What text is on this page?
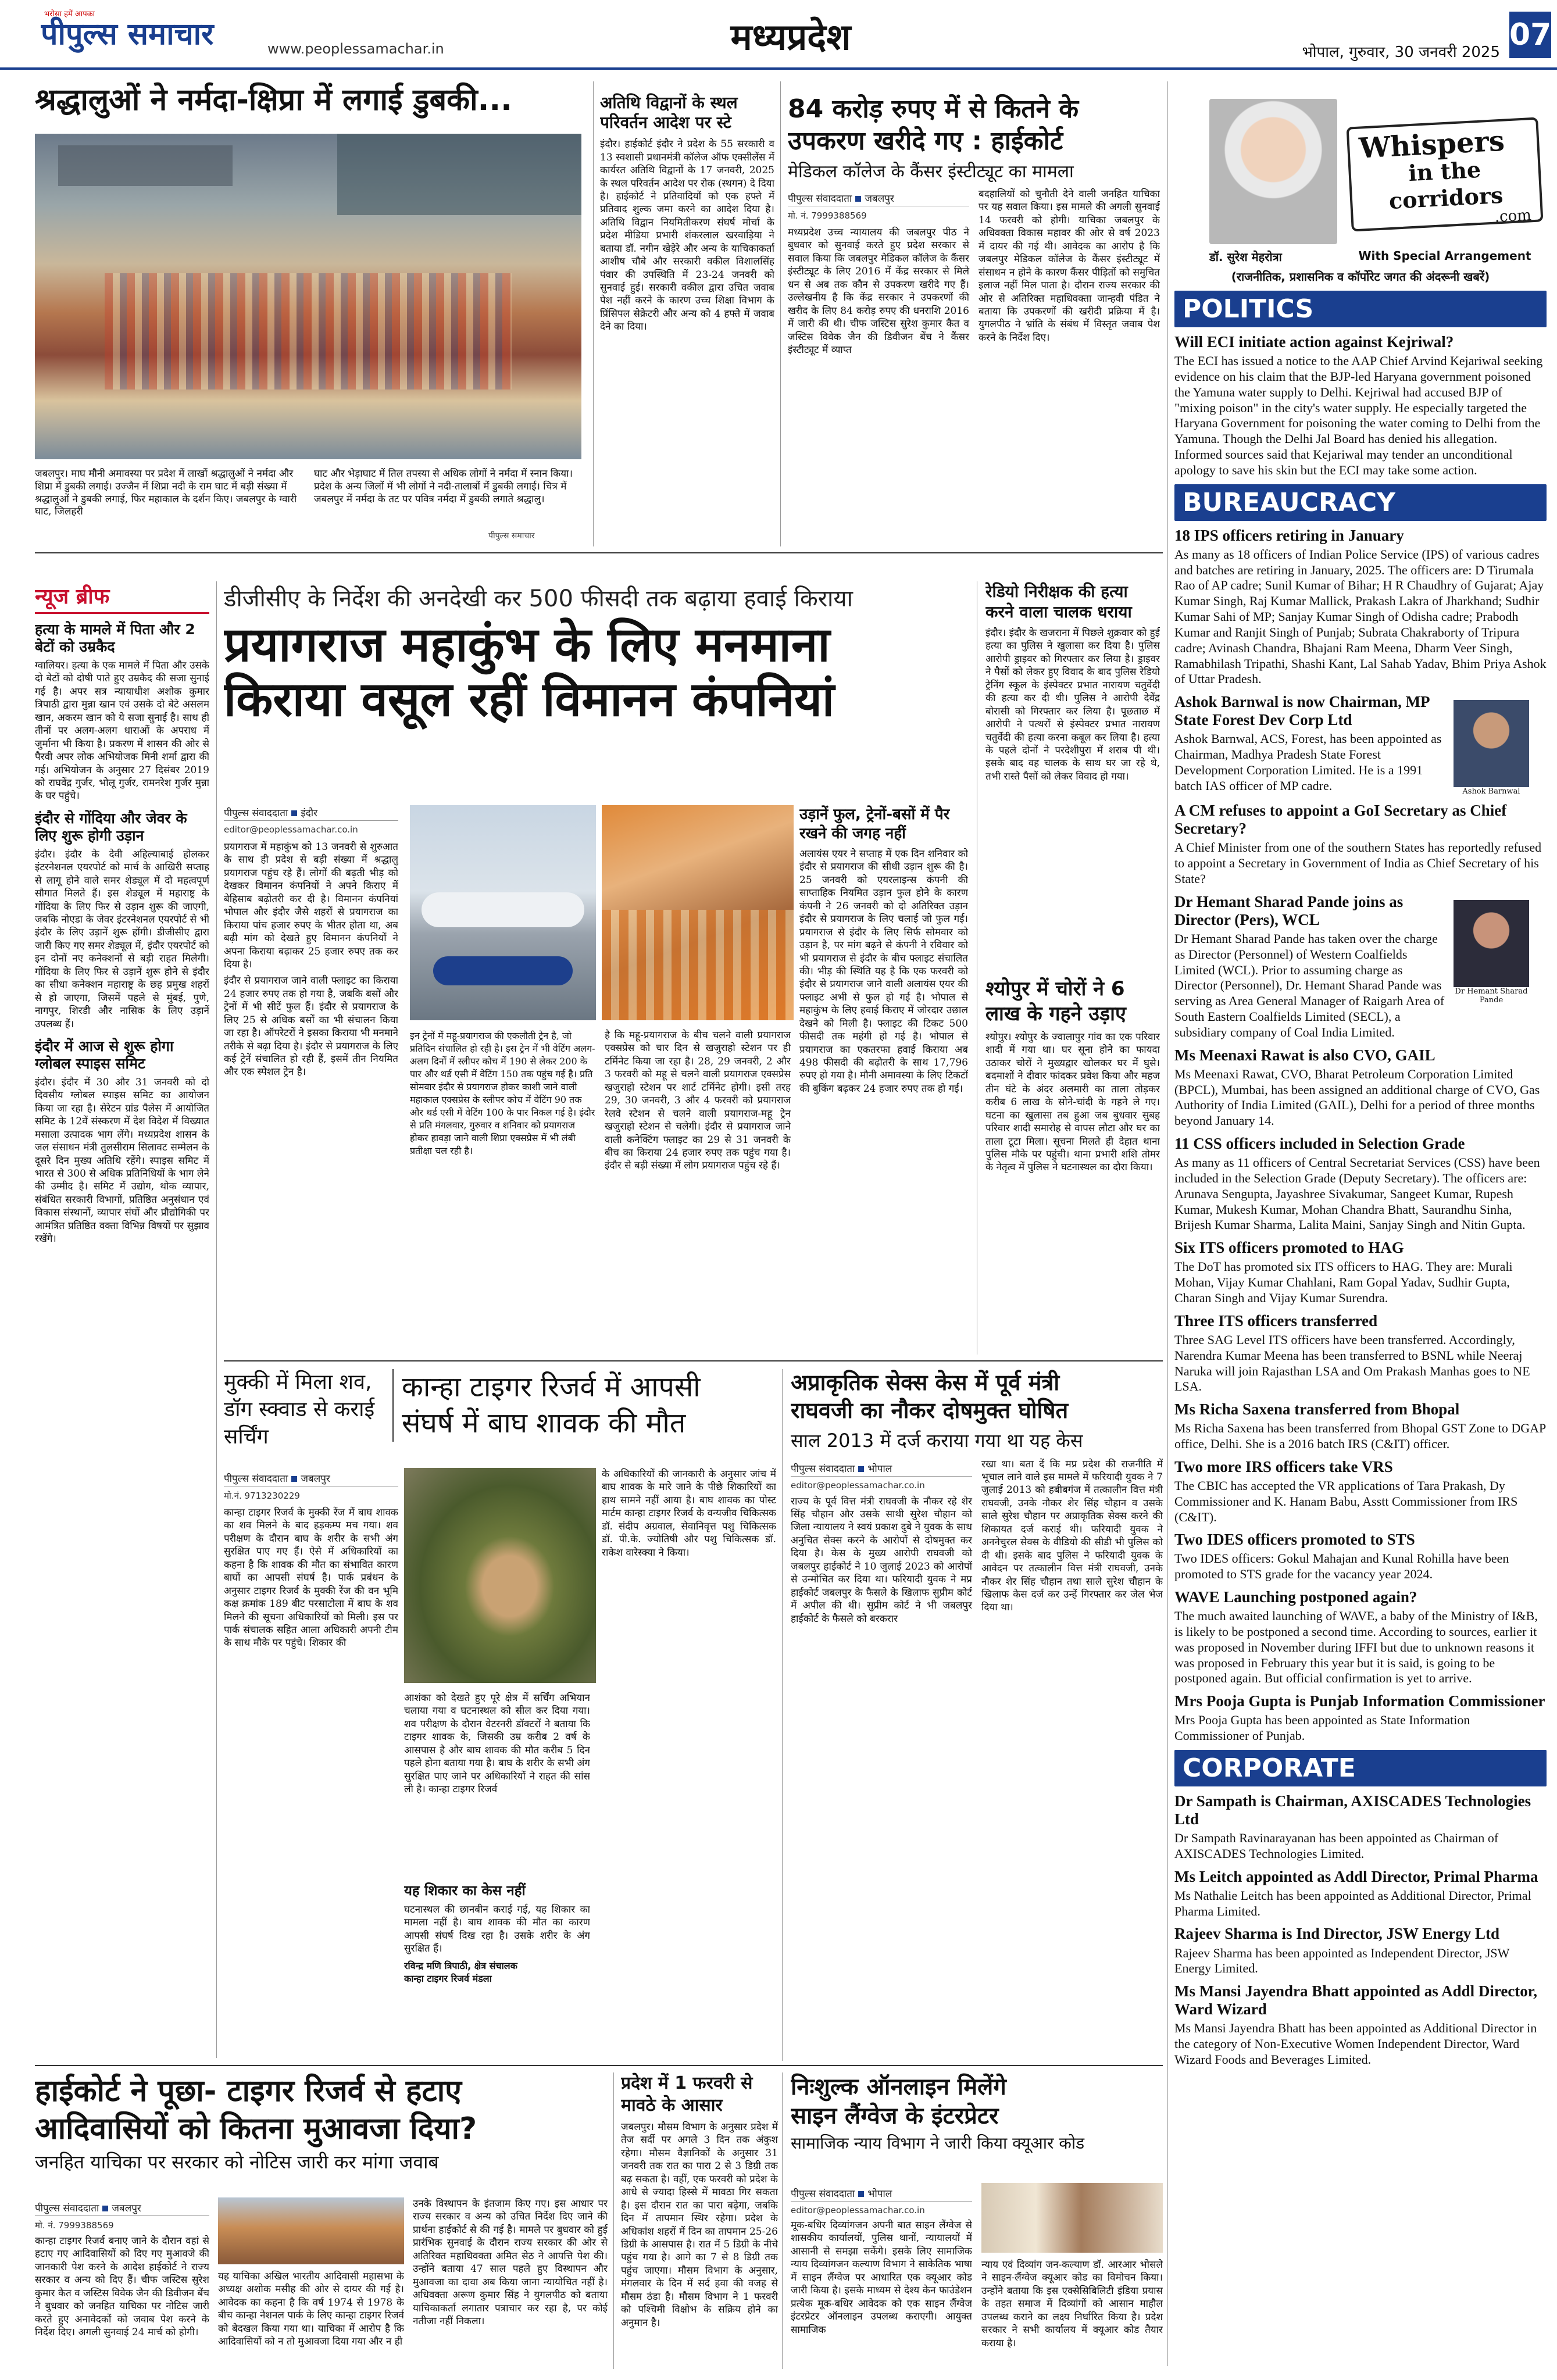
भरोसा हमें आपका
पीपुल्स समाचार	www.peoplessamachar.in	मध्यप्रदेश	भोपाल, गुरुवार, 30 जनवरी 2025 07
श्रद्धालुओं ने नर्मदा-क्षिप्रा में लगाई डुबकी...
जबलपुर। माघ मौनी अमावस्या पर प्रदेश में लाखों श्रद्धालुओं ने नर्मदा और शिप्रा में डुबकी लगाई। उज्जैन में शिप्रा नदी के राम घाट में बड़ी संख्या में श्रद्धालुओं ने डुबकी लगाई, फिर महाकाल के दर्शन किए। जबलपुर के ग्वारी घाट, जिलहरी
घाट और भेड़ाघाट में तिल तपस्या से अधिक लोगों ने नर्मदा में स्नान किया। प्रदेश के अन्य जिलों में भी लोगों ने नदी-तालाबों में डुबकी लगाई। चित्र में जबलपुर में नर्मदा के तट पर पवित्र नर्मदा में डुबकी लगाते श्रद्धालु।
पीपुल्स समाचार
अतिथि विद्वानों के स्थल परिवर्तन आदेश पर स्टे
इंदौर। हाईकोर्ट इंदौर ने प्रदेश के 55 सरकारी व 13 स्वशासी प्रधानमंत्री कॉलेज ऑफ एक्सीलेंस में कार्यरत अतिथि विद्वानों के 17 जनवरी, 2025 के स्थल परिवर्तन आदेश पर रोक (स्थगन) दे दिया है। हाईकोर्ट ने प्रतिवादियों को एक हफ्ते में प्रतिवाद शुल्क जमा करने का आदेश दिया है। अतिथि विद्वान नियमितीकरण संघर्ष मोर्चा के प्रदेश मीडिया प्रभारी शंकरलाल खरवाड़िया ने बताया डॉ. नगीन खेड़ेरे और अन्य के याचिकाकर्ता आशीष चौबे और सरकारी वकील विशालसिंह पंवार की उपस्थिति में 23-24 जनवरी को सुनवाई हुई। सरकारी वकील द्वारा उचित जवाब पेश नहीं करने के कारण उच्च शिक्षा विभाग के प्रिंसिपल सेक्रेटरी और अन्य को 4 हफ्ते में जवाब देने का दिया।
84 करोड़ रुपए में से कितने के उपकरण खरीदे गए : हाईकोर्ट
मेडिकल कॉलेज के कैंसर इंस्टीट्यूट का मामला
पीपुल्स संवाददाता जबलपुर
मो. नं. 7999388569
मध्यप्रदेश उच्च न्यायालय की जबलपुर पीठ ने बुधवार को सुनवाई करते हुए प्रदेश सरकार से सवाल किया कि जबलपुर मेडिकल कॉलेज के कैंसर इंस्टीट्यूट के लिए 2016 में केंद्र सरकार से मिले धन से अब तक कौन से उपकरण खरीदे गए हैं। उल्लेखनीय है कि केंद्र सरकार ने उपकरणों की खरीद के लिए 84 करोड़ रुपए की धनराशि 2016 में जारी की थी। चीफ जस्टिस सुरेश कुमार कैत व जस्टिस विवेक जैन की डिवीजन बेंच ने कैंसर इंस्टीट्यूट में व्याप्त
बदहालियों को चुनौती देने वाली जनहित याचिका पर यह सवाल किया। इस मामले की अगली सुनवाई 14 फरवरी को होगी। याचिका जबलपुर के अधिवक्ता विकास महावर की ओर से वर्ष 2023 में दायर की गई थी। आवेदक का आरोप है कि जबलपुर मेडिकल कॉलेज के कैंसर इंस्टीट्यूट में संसाधन न होने के कारण कैंसर पीड़ितों को समुचित इलाज नहीं मिल पाता है। दौरान राज्य सरकार की ओर से अतिरिक्त महाधिवक्ता जान्हवी पंडित ने बताया कि उपकरणों की खरीदी प्रक्रिया में है। युगलपीठ ने भ्रांति के संबंध में विस्तृत जवाब पेश करने के निर्देश दिए।
Whispers
in the corridors
.com
डॉ. सुरेश मेहरोत्रा	With Special Arrangement
(राजनीतिक, प्रशासनिक व कॉर्पोरेट जगत की अंदरूनी खबरें)
POLITICS
Will ECI initiate action against Kejriwal?
The ECI has issued a notice to the AAP Chief Arvind Kejariwal seeking evidence on his claim that the BJP-led Haryana government poisoned the Yamuna water supply to Delhi. Kejriwal had accused BJP of "mixing poison" in the city's water supply. He especially targeted the Haryana Government for poisoning the water coming to Delhi from the Yamuna. Though the Delhi Jal Board has denied his allegation. Informed sources said that Kejariwal may tender an unconditional apology to save his skin but the ECI may take some action.
BUREAUCRACY
18 IPS officers retiring in January
As many as 18 officers of Indian Police Service (IPS) of various cadres and batches are retiring in January, 2025. The officers are: D Tirumala Rao of AP cadre; Sunil Kumar of Bihar; H R Chaudhry of Gujarat; Ajay Kumar Singh, Raj Kumar Mallick, Prakash Lakra of Jharkhand; Sudhir Kumar Sahi of MP; Sanjay Kumar Singh of Odisha cadre; Prabodh Kumar and Ranjit Singh of Punjab; Subrata Chakraborty of Tripura cadre; Avinash Chandra, Bhajani Ram Meena, Dharm Veer Singh, Ramabhilash Tripathi, Shashi Kant, Lal Sahab Yadav, Bhim Priya Ashok of Uttar Pradesh.
Ashok Barnwal is now Chairman, MP State Forest Dev Corp Ltd
Ashok Barnwal, ACS, Forest, has been appointed as Chairman, Madhya Pradesh State Forest Development Corporation Limited. He is a 1991 batch IAS officer of MP cadre.	Ashok Barnwal
A CM refuses to appoint a GoI Secretary as Chief Secretary?
A Chief Minister from one of the southern States has reportedly refused to appoint a Secretary in Government of India as Chief Secretary of his State?
Dr Hemant Sharad Pande joins as Director (Pers), WCL
Dr Hemant Sharad Pande has taken over the charge as Director (Personnel) of Western Coalfields Limited (WCL). Prior to assuming charge as Director (Personnel), Dr. Hemant Sharad Pande was serving as Area General Manager of Raigarh Area of South Eastern Coalfields Limited (SECL), a subsidiary company of Coal India Limited.
Dr Hemant Sharad Pande
Ms Meenaxi Rawat is also CVO, GAIL
Ms Meenaxi Rawat, CVO, Bharat Petroleum Corporation Limited (BPCL), Mumbai, has been assigned an additional charge of CVO, Gas Authority of India Limited (GAIL), Delhi for a period of three months beyond January 14.
11 CSS officers included in Selection Grade
As many as 11 officers of Central Secretariat Services (CSS) have been included in the Selection Grade (Deputy Secretary). The officers are: Arunava Sengupta, Jayashree Sivakumar, Sangeet Kumar, Rupesh Kumar, Mukesh Kumar, Mohan Chandra Bhatt, Saurandhu Sinha, Brijesh Kumar Sharma, Lalita Maini, Sanjay Singh and Nitin Gupta.
Six ITS officers promoted to HAG
The DoT has promoted six ITS officers to HAG. They are: Murali Mohan, Vijay Kumar Chahlani, Ram Gopal Yadav, Sudhir Gupta, Charan Singh and Vijay Kumar Surendra.
Three ITS officers transferred
Three SAG Level ITS officers have been transferred. Accordingly, Narendra Kumar Meena has been transferred to BSNL while Neeraj Naruka will join Rajasthan LSA and Om Prakash Manhas goes to NE LSA.
Ms Richa Saxena transferred from Bhopal
Ms Richa Saxena has been transferred from Bhopal GST Zone to DGAP office, Delhi. She is a 2016 batch IRS (C&IT) officer.
Two more IRS officers take VRS
The CBIC has accepted the VR applications of Tara Prakash, Dy Commissioner and K. Hanam Babu, Asstt Commissioner from IRS (C&IT).
Two IDES officers promoted to STS
Two IDES officers: Gokul Mahajan and Kunal Rohilla have been promoted to STS grade for the vacancy year 2024.
WAVE Launching postponed again?
The much awaited launching of WAVE, a baby of the Ministry of I&B, is likely to be postponed a second time. According to sources, earlier it was proposed in November during IFFI but due to unknown reasons it was proposed in February this year but it is said, is going to be postponed again. But official confirmation is yet to arrive.
Mrs Pooja Gupta is Punjab Information Commissioner
Mrs Pooja Gupta has been appointed as State Information Commissioner of Punjab.
CORPORATE
Dr Sampath is Chairman, AXISCADES Technologies Ltd
Dr Sampath Ravinarayanan has been appointed as Chairman of AXISCADES Technologies Limited.
Ms Leitch appointed as Addl Director, Primal Pharma
Ms Nathalie Leitch has been appointed as Additional Director, Primal Pharma Limited.
Rajeev Sharma is Ind Director, JSW Energy Ltd
Rajeev Sharma has been appointed as Independent Director, JSW Energy Limited.
Ms Mansi Jayendra Bhatt appointed as Addl Director, Ward Wizard
Ms Mansi Jayendra Bhatt has been appointed as Additional Director in the category of Non-Executive Women Independent Director, Ward Wizard Foods and Beverages Limited.
न्यूज ब्रीफ
हत्या के मामले में पिता और 2 बेटों को उम्रकैद
ग्वालियर। हत्या के एक मामले में पिता और उसके दो बेटों को दोषी पाते हुए उम्रकैद की सजा सुनाई गई है। अपर सत्र न्यायाधीश अशोक कुमार त्रिपाठी द्वारा मुन्ना खान एवं उसके दो बेटे असलम खान, अकरम खान को ये सजा सुनाई है। साथ ही तीनों पर अलग-अलग धाराओं के अपराध में जुर्माना भी किया है। प्रकरण में शासन की ओर से पैरवी अपर लोक अभियोजक मिनी शर्मा द्वारा की गई। अभियोजन के अनुसार 27 दिसंबर 2019 को राघवेंद्र गुर्जर, भोलू गुर्जर, रामनरेश गुर्जर मुन्ना के घर पहुंचे।
इंदौर से गोंदिया और जेवर के लिए शुरू होगी उड़ान
इंदौर। इंदौर के देवी अहिल्याबाई होलकर इंटरनेशनल एयरपोर्ट को मार्च के आखिरी सप्ताह से लागू होने वाले समर शेड्यूल में दो महत्वपूर्ण सौगात मिलते हैं। इस शेड्यूल में महाराष्ट्र के गोंदिया के लिए फिर से उड़ान शुरू की जाएगी, जबकि नोएडा के जेवर इंटरनेशनल एयरपोर्ट से भी इंदौर के लिए उड़ानें शुरू होंगी। डीजीसीए द्वारा जारी किए गए समर शेड्यूल में, इंदौर एयरपोर्ट को इन दोनों नए कनेक्शनों से बड़ी राहत मिलेगी। गोंदिया के लिए फिर से उड़ानें शुरू होने से इंदौर का सीधा कनेक्शन महाराष्ट्र के छह प्रमुख शहरों से हो जाएगा, जिसमें पहले से मुंबई, पुणे, नागपुर, शिरडी और नासिक के लिए उड़ानें उपलब्ध हैं।
इंदौर में आज से शुरू होगा ग्लोबल स्पाइस समिट
इंदौर। इंदौर में 30 और 31 जनवरी को दो दिवसीय ग्लोबल स्पाइस समिट का आयोजन किया जा रहा है। सेरेटन ग्रांड पैलेस में आयोजित समिट के 12वें संस्करण में देश विदेश में विख्यात मसाला उत्पादक भाग लेंगे। मध्यप्रदेश शासन के जल संसाधन मंत्री तुलसीराम सिलावट सम्मेलन के दूसरे दिन मुख्य अतिथि रहेंगे। स्पाइस समिट में भारत से 300 से अधिक प्रतिनिधियों के भाग लेने की उम्मीद है। समिट में उद्योग, थोक व्यापार, संबंधित सरकारी विभागों, प्रतिष्ठित अनुसंधान एवं विकास संस्थानों, व्यापार संघों और प्रौद्योगिकी पर आमंत्रित प्रतिष्ठित वक्ता विभिन्न विषयों पर सुझाव रखेंगे।
डीजीसीए के निर्देश की अनदेखी कर 500 फीसदी तक बढ़ाया हवाई किराया
प्रयागराज महाकुंभ के लिए मनमाना
किराया वसूल रहीं विमानन कंपनियां
पीपुल्स संवाददाता इंदौर
editor@peoplessamachar.co.in
प्रयागराज में महाकुंभ को 13 जनवरी से शुरुआत के साथ ही प्रदेश से बड़ी संख्या में श्रद्धालु प्रयागराज पहुंच रहे हैं। लोगों की बढ़ती भीड़ को देखकर विमानन कंपनियों ने अपने किराए में बेहिसाब बढ़ोतरी कर दी है। विमानन कंपनियां भोपाल और इंदौर जैसे शहरों से प्रयागराज का किराया पांच हजार रुपए के भीतर होता था, अब बढ़ी मांग को देखते हुए विमानन कंपनियों ने अपना किराया बढ़ाकर 25 हजार रुपए तक कर दिया है।
इंदौर से प्रयागराज जाने वाली फ्लाइट का किराया 24 हजार रुपए तक हो गया है, जबकि बसों और ट्रेनों में भी सीटें फुल हैं। इंदौर से प्रयागराज के लिए 25 से अधिक बसों का भी संचालन किया जा रहा है। ऑपरेटरों ने इसका किराया भी मनमाने तरीके से बढ़ा दिया है। इंदौर से प्रयागराज के लिए कई ट्रेनें संचालित हो रही हैं, इसमें तीन नियमित और एक स्पेशल ट्रेन है।
इन ट्रेनों में महू-प्रयागराज की एकलौती ट्रेन है, जो प्रतिदिन संचालित हो रही है। इस ट्रेन में भी वेटिंग अलग-अलग दिनों में स्लीपर कोच में 190 से लेकर 200 के पार और थर्ड एसी में वेटिंग 150 तक पहुंच गई है। प्रति सोमवार इंदौर से प्रयागराज होकर काशी जाने वाली महाकाल एक्सप्रेस के स्लीपर कोच में वेटिंग 90 तक और थर्ड एसी में वेटिंग 100 के पार निकल गई है। इंदौर से प्रति मंगलवार, गुरुवार व शनिवार को प्रयागराज होकर हावड़ा जाने वाली शिप्रा एक्सप्रेस में भी लंबी प्रतीक्षा चल रही है।
है कि महू-प्रयागराज के बीच चलने वाली प्रयागराज एक्सप्रेस को चार दिन से खजुराहो स्टेशन पर ही टर्मिनेट किया जा रहा है। 28, 29 जनवरी, 2 और 3 फरवरी को महू से चलने वाली प्रयागराज एक्सप्रेस खजुराहो स्टेशन पर शार्ट टर्मिनेट होगी। इसी तरह 29, 30 जनवरी, 3 और 4 फरवरी को प्रयागराज रेलवे स्टेशन से चलने वाली प्रयागराज-महू ट्रेन खजुराहो स्टेशन से चलेगी। इंदौर से प्रयागराज जाने वाली कनेक्टिंग फ्लाइट का 29 से 31 जनवरी के बीच का किराया 24 हजार रुपए तक पहुंच गया है। इंदौर से बड़ी संख्या में लोग प्रयागराज पहुंच रहे हैं।
उड़ानें फुल, ट्रेनों-बसों में पैर रखने की जगह नहीं
अलायंस एयर ने सप्ताह में एक दिन शनिवार को इंदौर से प्रयागराज की सीधी उड़ान शुरू की है। 25 जनवरी को एयरलाइन्स कंपनी की साप्ताहिक नियमित उड़ान फुल होने के कारण कंपनी ने 26 जनवरी को दो अतिरिक्त उड़ान इंदौर से प्रयागराज के लिए चलाई जो फुल गई। प्रयागराज से इंदौर के लिए सिर्फ सोमवार को उड़ान है, पर मांग बढ़ने से कंपनी ने रविवार को भी प्रयागराज से इंदौर के बीच फ्लाइट संचालित की। भीड़ की स्थिति यह है कि एक फरवरी को इंदौर से प्रयागराज जाने वाली अलायंस एयर की फ्लाइट अभी से फुल हो गई है। भोपाल से महाकुंभ के लिए हवाई किराए में जोरदार उछाल देखने को मिली है। फ्लाइट की टिकट 500 फीसदी तक महंगी हो गई है। भोपाल से प्रयागराज का एकतरफा हवाई किराया अब 498 फीसदी की बढ़ोतरी के साथ 17,796 रुपए हो गया है। मौनी अमावस्या के लिए टिकटों की बुकिंग बढ़कर 24 हजार रुपए तक हो गई।
रेडियो निरीक्षक की हत्या करने वाला चालक धराया
इंदौर। इंदौर के खजराना में पिछले शुक्रवार को हुई हत्या का पुलिस ने खुलासा कर दिया है। पुलिस आरोपी ड्राइवर को गिरफ्तार कर लिया है। ड्राइवर ने पैसों को लेकर हुए विवाद के बाद पुलिस रेडियो ट्रेनिंग स्कूल के इंस्पेक्टर प्रभात नारायण चतुर्वेदी की हत्या कर दी थी। पुलिस ने आरोपी देवेंद्र बोरासी को गिरफ्तार कर लिया है। पूछताछ में आरोपी ने पत्थरों से इंस्पेक्टर प्रभात नारायण चतुर्वेदी की हत्या करना कबूल कर लिया है। हत्या के पहले दोनों ने परदेशीपुरा में शराब पी थी। इसके बाद वह चालक के साथ घर जा रहे थे, तभी रास्ते पैसों को लेकर विवाद हो गया।
श्योपुर में चोरों ने 6 लाख के गहने उड़ाए
श्योपुर। श्योपुर के ज्वालापुर गांव का एक परिवार शादी में गया था। घर सूना होने का फायदा उठाकर चोरों ने मुख्यद्वार खोलकर घर में घुसे। बदमाशों ने दीवार फांदकर प्रवेश किया और महज तीन घंटे के अंदर अलमारी का ताला तोड़कर करीब 6 लाख के सोने-चांदी के गहने ले गए। घटना का खुलासा तब हुआ जब बुधवार सुबह परिवार शादी समारोह से वापस लौटा और घर का ताला टूटा मिला। सूचना मिलते ही देहात थाना पुलिस मौके पर पहुंची। थाना प्रभारी शशि तोमर के नेतृत्व में पुलिस ने घटनास्थल का दौरा किया।
मुक्की में मिला शव, डॉग स्क्वाड से कराई सर्चिंग
कान्हा टाइगर रिजर्व में आपसी
संघर्ष में बाघ शावक की मौत
पीपुल्स संवाददाता जबलपुर
मो.नं. 9713230229
कान्हा टाइगर रिजर्व के मुक्की रेंज में बाघ शावक का शव मिलने के बाद हड़कम्प मच गया। शव परीक्षण के दौरान बाघ के शरीर के सभी अंग सुरक्षित पाए गए हैं। ऐसे में अधिकारियों का कहना है कि शावक की मौत का संभावित कारण बाघों का आपसी संघर्ष है। पार्क प्रबंधन के अनुसार टाइगर रिजर्व के मुक्की रेंज की वन भूमि कक्ष क्रमांक 189 बीट परसाटोला में बाघ के शव मिलने की सूचना अधिकारियों को मिली। इस पर पार्क संचालक सहित आला अधिकारी अपनी टीम के साथ मौके पर पहुंचे। शिकार की
आशंका को देखते हुए पूरे क्षेत्र में सर्चिंग अभियान चलाया गया व घटनास्थल को सील कर दिया गया। शव परीक्षण के दौरान वेटरनरी डॉक्टरों ने बताया कि टाइगर शावक के, जिसकी उम्र करीब 2 वर्ष के आसपास है और बाघ शावक की मौत करीब 5 दिन पहले होना बताया गया है। बाघ के शरीर के सभी अंग सुरक्षित पाए जाने पर अधिकारियों ने राहत की सांस ली है। कान्हा टाइगर रिजर्व
यह शिकार का केस नहीं
घटनास्थल की छानबीन कराई गई, यह शिकार का मामला नहीं है। बाघ शावक की मौत का कारण आपसी संघर्ष दिख रहा है। उसके शरीर के अंग सुरक्षित हैं।
रविन्द्र मणि त्रिपाठी, क्षेत्र संचालक
कान्हा टाइगर रिजर्व मंडला
के अधिकारियों की जानकारी के अनुसार जांच में बाघ शावक के मारे जाने के पीछे शिकारियों का हाथ सामने नहीं आया है। बाघ शावक का पोस्ट मार्टम कान्हा टाइगर रिजर्व के वन्यजीव चिकित्सक डॉ. संदीप अग्रवाल, सेवानिवृत्त पशु चिकित्सक डॉ. पी.के. ज्योतिषी और पशु चिकित्सक डॉ. राकेश वारेस्क्या ने किया।
अप्राकृतिक सेक्स केस में पूर्व मंत्री
राघवजी का नौकर दोषमुक्त घोषित
साल 2013 में दर्ज कराया गया था यह केस
पीपुल्स संवाददाता भोपाल
editor@peoplessamachar.co.in
राज्य के पूर्व वित्त मंत्री राघवजी के नौकर रहे शेर सिंह चौहान और उसके साथी सुरेश चौहान को जिला न्यायालय ने स्वयं प्रकाश दुबे ने युवक के साथ अनुचित सेक्स करने के आरोपों से दोषमुक्त कर दिया है। केस के मुख्य आरोपी राघवजी को जबलपुर हाईकोर्ट ने 10 जुलाई 2023 को आरोपों से उन्मोचित कर दिया था। फरियादी युवक ने मप्र हाईकोर्ट जबलपुर के फैसले के खिलाफ सुप्रीम कोर्ट में अपील की थी। सुप्रीम कोर्ट ने भी जबलपुर हाईकोर्ट के फैसले को बरकरार
रखा था। बता दें कि मप्र प्रदेश की राजनीति में भूचाल लाने वाले इस मामले में फरियादी युवक ने 7 जुलाई 2013 को हबीबगंज में तत्कालीन वित्त मंत्री राघवजी, उनके नौकर शेर सिंह चौहान व उसके साले सुरेश चौहान पर अप्राकृतिक सेक्स करने की शिकायत दर्ज कराई थी। फरियादी युवक ने अननेचुरल सेक्स के वीडियो की सीडी भी पुलिस को दी थी। इसके बाद पुलिस ने फरियादी युवक के आवेदन पर तत्कालीन वित्त मंत्री राघवजी, उनके नौकर शेर सिंह चौहान तथा साले सुरेश चौहान के खिलाफ केस दर्ज कर उन्हें गिरफ्तार कर जेल भेज दिया था।
हाईकोर्ट ने पूछा- टाइगर रिजर्व से हटाए
आदिवासियों को कितना मुआवजा दिया?
जनहित याचिका पर सरकार को नोटिस जारी कर मांगा जवाब
पीपुल्स संवाददाता जबलपुर
मो. नं. 7999388569
कान्हा टाइगर रिजर्व बनाए जाने के दौरान वहां से हटाए गए आदिवासियों को दिए गए मुआवजे की जानकारी पेश करने के आदेश हाईकोर्ट ने राज्य सरकार व अन्य को दिए हैं। चीफ जस्टिस सुरेश कुमार कैत व जस्टिस विवेक जैन की डिवीजन बेंच ने बुधवार को जनहित याचिका पर नोटिस जारी करते हुए अनावेदकों को जवाब पेश करने के निर्देश दिए। अगली सुनवाई 24 मार्च को होगी।
यह याचिका अखिल भारतीय आदिवासी महासभा के अध्यक्ष अशोक मसीह की ओर से दायर की गई है। आवेदक का कहना है कि वर्ष 1974 से 1978 के बीच कान्हा नेशनल पार्क के लिए कान्हा टाइगर रिजर्व को बेदखल किया गया था। याचिका में आरोप है कि आदिवासियों को न तो मुआवजा दिया गया और न ही
उनके विस्थापन के इंतजाम किए गए। इस आधार पर राज्य सरकार व अन्य को उचित निर्देश दिए जाने की प्रार्थना हाईकोर्ट से की गई है। मामले पर बुधवार को हुई प्रारंभिक सुनवाई के दौरान राज्य सरकार की ओर से अतिरिक्त महाधिवक्ता अमित सेठ ने आपत्ति पेश की। उन्होंने बताया 47 साल पहले हुए विस्थापन और मुआवजा का दावा अब किया जाना न्यायोचित नहीं है। अधिवक्ता अरूण कुमार सिंह ने युगलपीठ को बताया याचिकाकर्ता लगातार पत्राचार कर रहा है, पर कोई नतीजा नहीं निकला।
प्रदेश में 1 फरवरी से मावठे के आसार
जबलपुर। मौसम विभाग के अनुसार प्रदेश में तेज सर्दी पर अगले 3 दिन तक अंकुश रहेगा। मौसम वैज्ञानिकों के अनुसार 31 जनवरी तक रात का पारा 2 से 3 डिग्री तक बढ़ सकता है। वहीं, एक फरवरी को प्रदेश के आधे से ज्यादा हिस्से में मावठा गिर सकता है। इस दौरान रात का पारा बढ़ेगा, जबकि दिन में तापमान स्थिर रहेगा। प्रदेश के अधिकांश शहरों में दिन का तापमान 25-26 डिग्री के आसपास है। रात में 5 डिग्री के नीचे पहुंच गया है। आगे का 7 से 8 डिग्री तक पहुंच जाएगा। मौसम विभाग के अनुसार, मंगलवार के दिन में सर्द हवा की वजह से मौसम ठंडा है। मौसम विभाग ने 1 फरवरी को पश्चिमी विक्षोभ के सक्रिय होने का अनुमान है।
निःशुल्क ऑनलाइन मिलेंगे
साइन लैंग्वेज के इंटरप्रेटर
सामाजिक न्याय विभाग ने जारी किया क्यूआर कोड
पीपुल्स संवाददाता भोपाल
editor@peoplessamachar.co.in
मूक-बधिर दिव्यांगजन अपनी बात साइन लैंग्वेज से शासकीय कार्यालयों, पुलिस थानों, न्यायालयों में आसानी से समझा सकेंगे। इसके लिए सामाजिक न्याय दिव्यांगजन कल्याण विभाग ने साकेतिक भाषा में साइन लैंग्वेज पर आधारित एक क्यूआर कोड जारी किया है। इसके माध्यम से देश्य केन फाउंडेशन प्रत्येक मूक-बधिर आवेदक को एक साइन लैंग्वेज इंटरप्रेटर ऑनलाइन उपलब्ध कराएगी। आयुक्त सामाजिक
न्याय एवं दिव्यांग जन-कल्याण डॉ. आरआर भोसले ने साइन-लैंग्वेज क्यूआर कोड का विमोचन किया। उन्होंने बताया कि इस एक्सेसिबिलिटी इंडिया प्रयास के तहत समाज में दिव्यांगों को आसान माहौल उपलब्ध कराने का लक्ष्य निर्धारित किया है। प्रदेश सरकार ने सभी कार्यालय में क्यूआर कोड तैयार कराया है।
